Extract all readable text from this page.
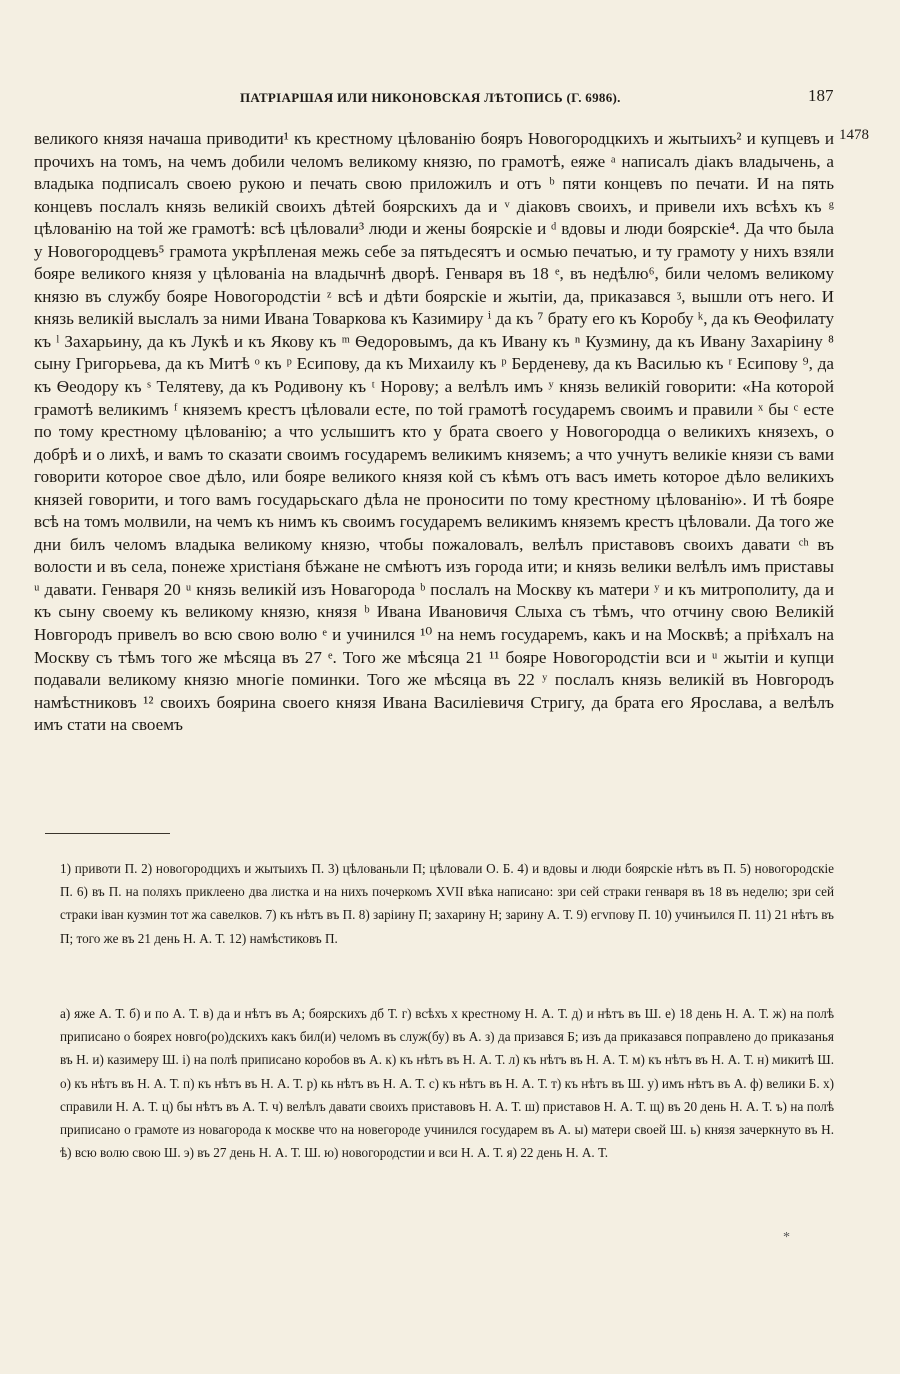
ПАТРІАРШАЯ ИЛИ НИКОНОВСКАЯ ЛѢТОПИСЬ (Г. 6986).	187
1478
великого князя начаша приводити¹ къ крестному цѣлованію бояръ Новогородцкихъ и жытыихъ² и купцевъ и прочихъ на томъ, на чемъ добили челомъ великому князю, по грамотѣ, еяже ᵃ написалъ діакъ владычень, а владыка подписалъ своею рукою и печать свою приложилъ и отъ ᵇ пяти концевъ по печати. И на пять концевъ послалъ князь великій своихъ дѣтей боярскихъ да и ᵛ діаковъ своихъ, и привели ихъ всѣхъ къ ᵍ цѣлованію на той же грамотѣ: всѣ цѣловали³ люди и жены боярскіе и ᵈ вдовы и люди боярскіе⁴. Да что была у Новогородцевъ⁵ грамота укрѣпленая межь себе за пятьдесятъ и осмью печатью, и ту грамоту у нихъ взяли бояре великого князя у цѣлованіа на владычнѣ дворѣ. Генваря въ 18 ᵉ, въ недѣлю⁶, били челомъ великому князю въ службу бояре Новогородстіи ᶻ всѣ и дѣти боярскіе и жытіи, да, приказався ᶾ, вышли отъ него. И князь великій выслалъ за ними Ивана Товаркова къ Казимиру ⁱ да къ ⁷ брату его къ Коробу ᵏ, да къ Ѳеофилату къ ˡ Захарьину, да къ Лукѣ и къ Якову къ ᵐ Ѳедоровымъ, да къ Ивану къ ⁿ Кузмину, да къ Ивану Захаріину ⁸ сыну Григорьева, да къ Митѣ ᵒ къ ᵖ Есипову, да къ Михаилу къ ᵖ Берденеву, да къ Василью къ ʳ Есипову ⁹, да къ Ѳеодору къ ˢ Телятеву, да къ Родивону къ ᵗ Норову; а велѣлъ имъ ʸ князь великій говорити: «На которой грамотѣ великимъ ᶠ княземъ крестъ цѣловали есте, по той грамотѣ государемъ своимъ и правили ˣ бы ᶜ есте по тому крестному цѣлованію; а что услышитъ кто у брата своего у Новогородца о великихъ князехъ, о добрѣ и о лихѣ, и вамъ то сказати своимъ государемъ великимъ княземъ; а что учнутъ великіе князи съ вами говорити которое свое дѣло, или бояре великого князя кой съ кѣмъ отъ васъ иметь которое дѣло великихъ князей говорити, и того вамъ государьскаго дѣла не проносити по тому крестному цѣлованію». И тѣ бояре всѣ на томъ молвили, на чемъ къ нимъ къ своимъ государемъ великимъ княземъ крестъ цѣловали. Да того же дни билъ челомъ владыка великому князю, чтобы пожаловалъ, велѣлъ приставовъ своихъ давати ᶜʰ въ волости и въ села, понеже христіаня бѣжане не смѣютъ изъ города ити; и князь велики велѣлъ имъ приставы ᵘ давати. Генваря 20 ᵘ князь великій изъ Новагорода ᵇ послалъ на Москву къ матери ʸ и къ митрополиту, да и къ сыну своему къ великому князю, князя ᵇ Ивана Ивановичя Слыха съ тѣмъ, что отчину свою Великій Новгородъ привелъ во всю свою волю ᵉ и учинился ¹⁰ на немъ государемъ, какъ и на Москвѣ; а пріѣхалъ на Москву съ тѣмъ того же мѣсяца въ 27 ᵉ. Того же мѣсяца 21 ¹¹ бояре Новогородстіи вси и ᵘ жытіи и купци подавали великому князю многіе поминки. Того же мѣсяца въ 22 ʸ послалъ князь великій въ Новгородъ намѣстниковъ ¹² своихъ боярина своего князя Ивана Василіевичя Стригу, да брата его Ярослава, а велѣлъ имъ стати на своемъ
1) привоти П. 2) новогородцихъ и жытыихъ П. 3) цѣлованьли П; цѣловали О. Б. 4) и вдовы и люди боярскіе нѣтъ въ П. 5) новогородскіе П. 6) въ П. на поляхъ приклеено два листка и на нихъ почеркомъ XVII вѣка написано: зри сей страки генваря въ 18 въ неделю; зри сей страки іван кузмин тот жа савелков. 7) къ нѣтъ въ П. 8) заріину П; захарину Н; зарину А. Т. 9) егvпову П. 10) учинъился П. 11) 21 нѣтъ въ П; того же въ 21 день Н. А. Т. 12) намѣстиковъ П.
а) яже А. Т. б) и по А. Т. в) да и нѣтъ въ А; боярскихъ дб Т. г) всѣхъ х крестному Н. А. Т. д) и нѣтъ въ Ш. е) 18 день Н. А. Т. ж) на полѣ приписано о боярех новго(ро)дскихъ какъ бил(и) челомъ въ служ(бу) въ А. з) да призався Б; изъ да приказався поправлено до приказанья въ Н. и) казимеру Ш. і) на полѣ приписано коробов въ А. к) къ нѣтъ въ Н. А. Т. л) къ нѣтъ въ Н. А. Т. м) къ нѣтъ въ Н. А. Т. н) микитѣ Ш. о) къ нѣтъ въ Н. А. Т. п) къ нѣтъ въ Н. А. Т. р) кь нѣтъ въ Н. А. Т. с) къ нѣтъ въ Н. А. Т. т) къ нѣтъ въ Ш. у) имъ нѣтъ въ А. ф) велики Б. х) справили Н. А. Т. ц) бы нѣтъ въ А. Т. ч) велѣлъ давати своихъ приставовъ Н. А. Т. ш) приставов Н. А. Т. щ) въ 20 день Н. А. Т. ъ) на полѣ приписано о грамоте из новагорода к москве что на новегороде учинился государем въ А. ы) матери своей Ш. ь) князя зачеркнуто въ Н. ѣ) всю волю свою Ш. э) въ 27 день Н. А. Т. Ш. ю) новогородстии и вси Н. А. Т. я) 22 день Н. А. Т.
*
